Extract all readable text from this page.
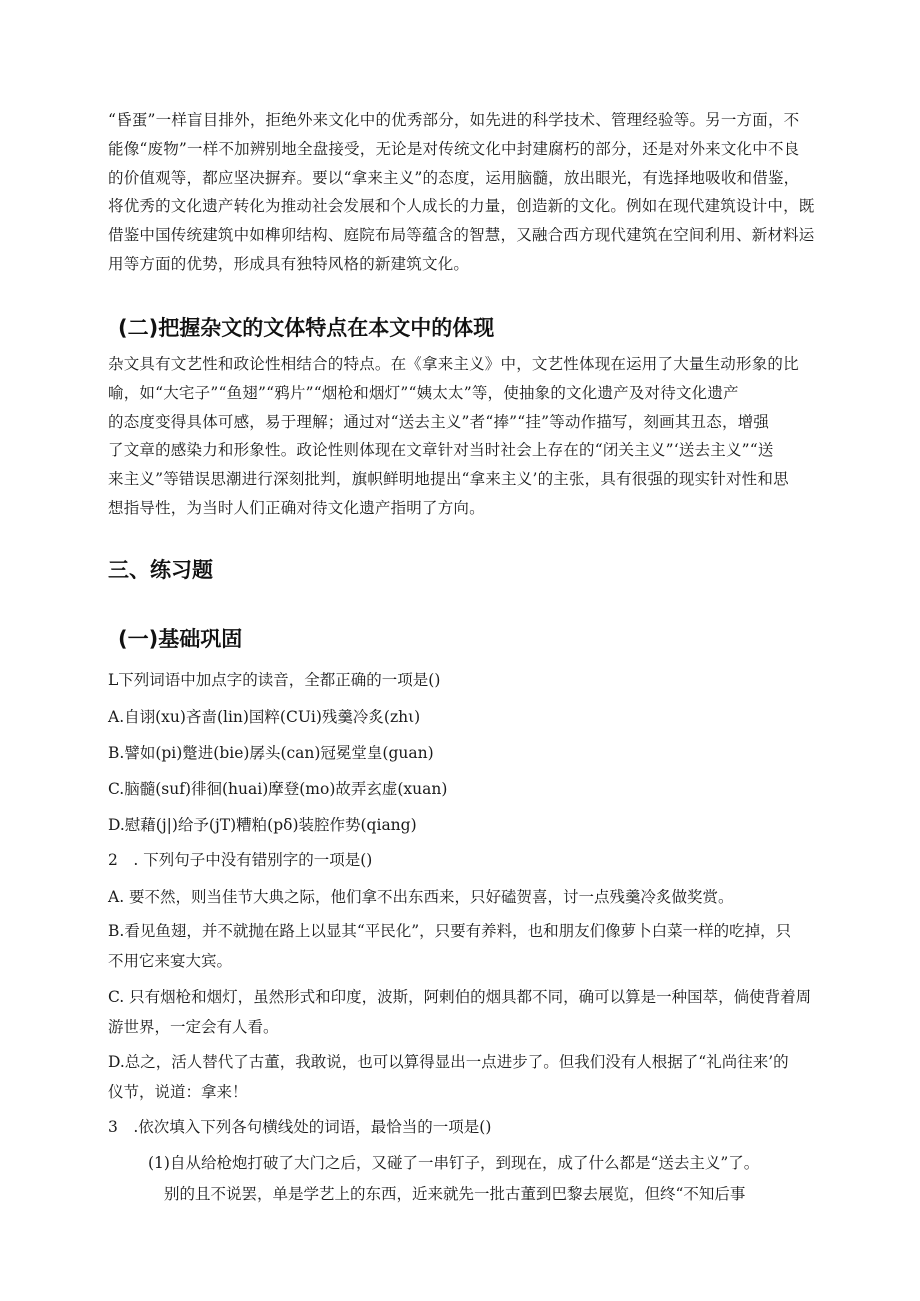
“昏蛋”一样盲目排外，拒绝外来文化中的优秀部分，如先进的科学技术、管理经验等。另一方面，不
能像“废物”一样不加辨别地全盘接受，无论是对传统文化中封建腐朽的部分，还是对外来文化中不良
的价值观等，都应坚决摒弃。要以“拿来主义”的态度，运用脑髓，放出眼光，有选择地吸收和借鉴，
将优秀的文化遗产转化为推动社会发展和个人成长的力量，创造新的文化。例如在现代建筑设计中，既
借鉴中国传统建筑中如榫卯结构、庭院布局等蕴含的智慧，又融合西方现代建筑在空间利用、新材料运
用等方面的优势，形成具有独特风格的新建筑文化。
(二)把握杂文的文体特点在本文中的体现
杂文具有文艺性和政论性相结合的特点。在《拿来主义》中，文艺性体现在运用了大量生动形象的比
喻，如“大宅子”“鱼翅”“鸦片”“烟枪和烟灯”“姨太太”等，使抽象的文化遗产及对待文化遗产
的态度变得具体可感，易于理解；通过对“送去主义”者“捧”“挂”等动作描写，刻画其丑态，增强
了文章的感染力和形象性。政论性则体现在文章针对当时社会上存在的“闭关主义”‘送去主义”“送
来主义”等错误思潮进行深刻批判，旗帜鲜明地提出“拿来主义’的主张，具有很强的现实针对性和思
想指导性，为当时人们正确对待文化遗产指明了方向。
三、练习题
(一)基础巩固

L下列词语中加点字的读音，全都正确的一项是()

A.自诩(xu)吝啬(lin)国粹(CUi)残羹冷炙(zhι)

B.譬如(pi)蹩进(bie)孱头(can)冠冕堂皇(guan)

C.脑髓(suf)徘徊(huai)摩登(mo)故弄玄虚(xuan)

D.慰藉(j|)给予(jT)糟粕(pδ)装腔作势(qiang)

2　. 下列句子中没有错别字的一项是()

A. 要不然，则当佳节大典之际，他们拿不出东西来，只好磕贺喜，讨一点残羹冷炙做奖赏。

B.看见鱼翅，并不就抛在路上以显其“平民化”，只要有养料，也和朋友们像萝卜白菜一样的吃掉，只
不用它来宴大宾。
C. 只有烟枪和烟灯，虽然形式和印度，波斯，阿剌伯的烟具都不同，确可以算是一种国萃，倘使背着周
游世界，一定会有人看。
D.总之，活人替代了古董，我敢说，也可以算得显出一点进步了。但我们没有人根据了“礼尚往来’的
仪节，说道：拿来！

3　.依次填入下列各句横线处的词语，最恰当的一项是()

(1)自从给枪炮打破了大门之后，又碰了一串钉子，到现在，成了什么都是“送去主义”了。

别的且不说罢，单是学艺上的东西，近来就先一批古董到巴黎去展览，但终“不知后事
